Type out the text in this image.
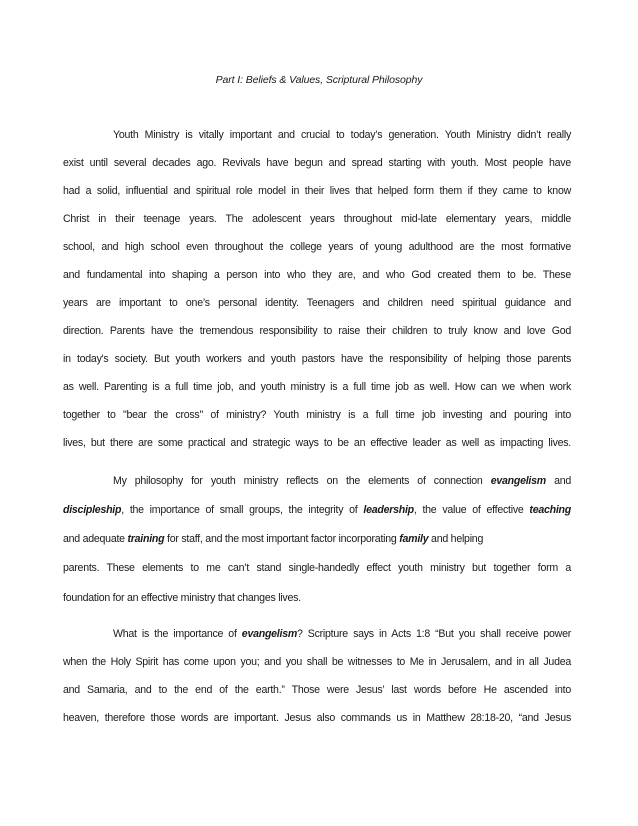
Part I: Beliefs & Values, Scriptural Philosophy
Youth Ministry is vitally important and crucial to today’s generation. Youth Ministry didn’t really
exist until several decades ago. Revivals have begun and spread starting with youth. Most people have
had a solid, influential and spiritual role model in their lives that helped form them if they came to know
Christ in their teenage years. The adolescent years throughout mid-late elementary years, middle
school, and high school even throughout the college years of young adulthood are the most formative
and fundamental into shaping a person into who they are, and who God created them to be. These
years are important to one’s personal identity. Teenagers and children need spiritual guidance and
direction. Parents have the tremendous responsibility to raise their children to truly know and love God
in today's society. But youth workers and youth pastors have the responsibility of helping those parents
as well. Parenting is a full time job, and youth ministry is a full time job as well. How can we when work
together to "bear the cross" of ministry? Youth ministry is a full time job investing and pouring into
lives, but there are some practical and strategic ways to be an effective leader as well as impacting lives.
My philosophy for youth ministry reflects on the elements of connection evangelism and
discipleship, the importance of small groups, the integrity of leadership, the value of effective teaching
and adequate training for staff, and the most important factor incorporating family and helping
parents. These elements to me can’t stand single-handedly effect youth ministry but together form a
foundation for an effective ministry that changes lives.
What is the importance of evangelism? Scripture says in Acts 1:8 “But you shall receive power
when the Holy Spirit has come upon you; and you shall be witnesses to Me in Jerusalem, and in all Judea
and Samaria, and to the end of the earth.” Those were Jesus’ last words before He ascended into
heaven, therefore those words are important. Jesus also commands us in Matthew 28:18-20, “and Jesus
